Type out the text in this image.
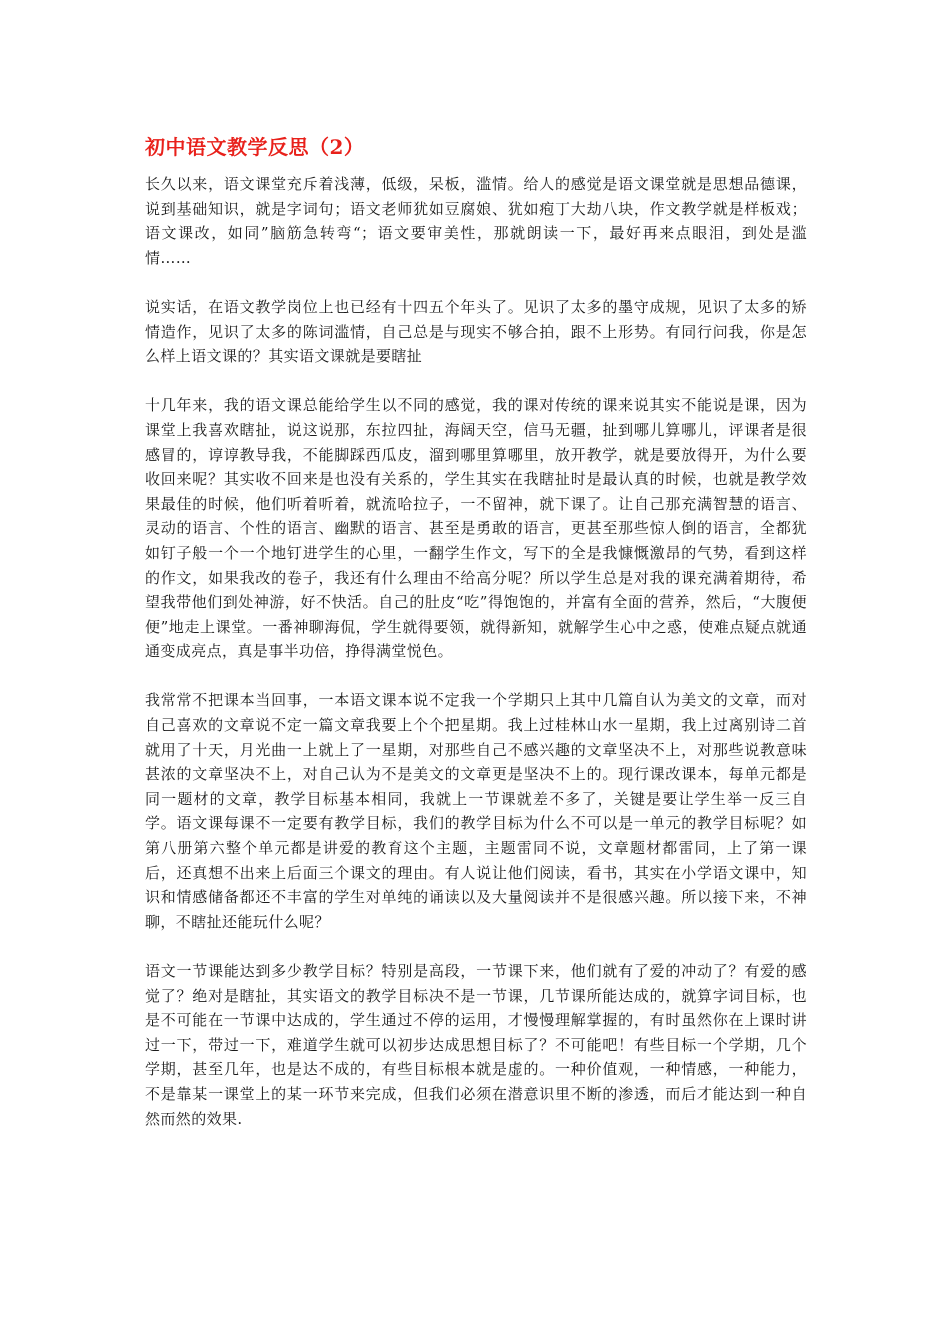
初中语文教学反思（2）

长久以来，语文课堂充斥着浅薄，低级，呆板，滥情。给人的感觉是语文课堂就是思想品德课，说到基础知识，就是字词句；语文老师犹如豆腐娘、犹如疱丁大劫八块，作文教学就是样板戏；语文课改，如同”脑筋急转弯“；语文要审美性，那就朗读一下，最好再来点眼泪，到处是滥情……

说实话，在语文教学岗位上也已经有十四五个年头了。见识了太多的墨守成规，见识了太多的矫情造作，见识了太多的陈词滥情，自己总是与现实不够合拍，跟不上形势。有同行问我，你是怎么样上语文课的？其实语文课就是要瞎扯

十几年来，我的语文课总能给学生以不同的感觉，我的课对传统的课来说其实不能说是课，因为课堂上我喜欢瞎扯，说这说那，东拉四扯，海阔天空，信马无疆，扯到哪儿算哪儿，评课者是很感冒的，谆谆教导我，不能脚踩西瓜皮，溜到哪里算哪里，放开教学，就是要放得开，为什么要收回来呢？其实收不回来是也没有关系的，学生其实在我瞎扯时是最认真的时候，也就是教学效果最佳的时候，他们听着听着，就流哈拉子，一不留神，就下课了。让自己那充满智慧的语言、灵动的语言、个性的语言、幽默的语言、甚至是勇敢的语言，更甚至那些惊人倒的语言，全都犹如钉子般一个一个地钉进学生的心里，一翻学生作文，写下的全是我慷慨激昂的气势，看到这样的作文，如果我改的卷子，我还有什么理由不给高分呢？所以学生总是对我的课充满着期待，希望我带他们到处神游，好不快活。自己的肚皮“吃”得饱饱的，并富有全面的营养，然后，“大腹便便”地走上课堂。一番神聊海侃，学生就得要领，就得新知，就解学生心中之惑，使难点疑点就通通变成亮点，真是事半功倍，挣得满堂悦色。

我常常不把课本当回事，一本语文课本说不定我一个学期只上其中几篇自认为美文的文章，而对自己喜欢的文章说不定一篇文章我要上个个把星期。我上过桂林山水一星期，我上过离别诗二首就用了十天，月光曲一上就上了一星期，对那些自己不感兴趣的文章坚决不上，对那些说教意味甚浓的文章坚决不上，对自己认为不是美文的文章更是坚决不上的。现行课改课本，每单元都是同一题材的文章，教学目标基本相同，我就上一节课就差不多了，关键是要让学生举一反三自学。语文课每课不一定要有教学目标，我们的教学目标为什么不可以是一单元的教学目标呢？如第八册第六整个单元都是讲爱的教育这个主题，主题雷同不说，文章题材都雷同，上了第一课后，还真想不出来上后面三个课文的理由。有人说让他们阅读，看书，其实在小学语文课中，知识和情感储备都还不丰富的学生对单纯的诵读以及大量阅读并不是很感兴趣。所以接下来，不神聊，不瞎扯还能玩什么呢？

语文一节课能达到多少教学目标？特别是高段，一节课下来，他们就有了爱的冲动了？有爱的感觉了？绝对是瞎扯，其实语文的教学目标决不是一节课，几节课所能达成的，就算字词目标，也是不可能在一节课中达成的，学生通过不停的运用，才慢慢理解掌握的，有时虽然你在上课时讲过一下，带过一下，难道学生就可以初步达成思想目标了？不可能吧！有些目标一个学期，几个学期，甚至几年，也是达不成的，有些目标根本就是虚的。一种价值观，一种情感，一种能力，不是靠某一课堂上的某一环节来完成，但我们必须在潜意识里不断的渗透，而后才能达到一种自然而然的效果.
